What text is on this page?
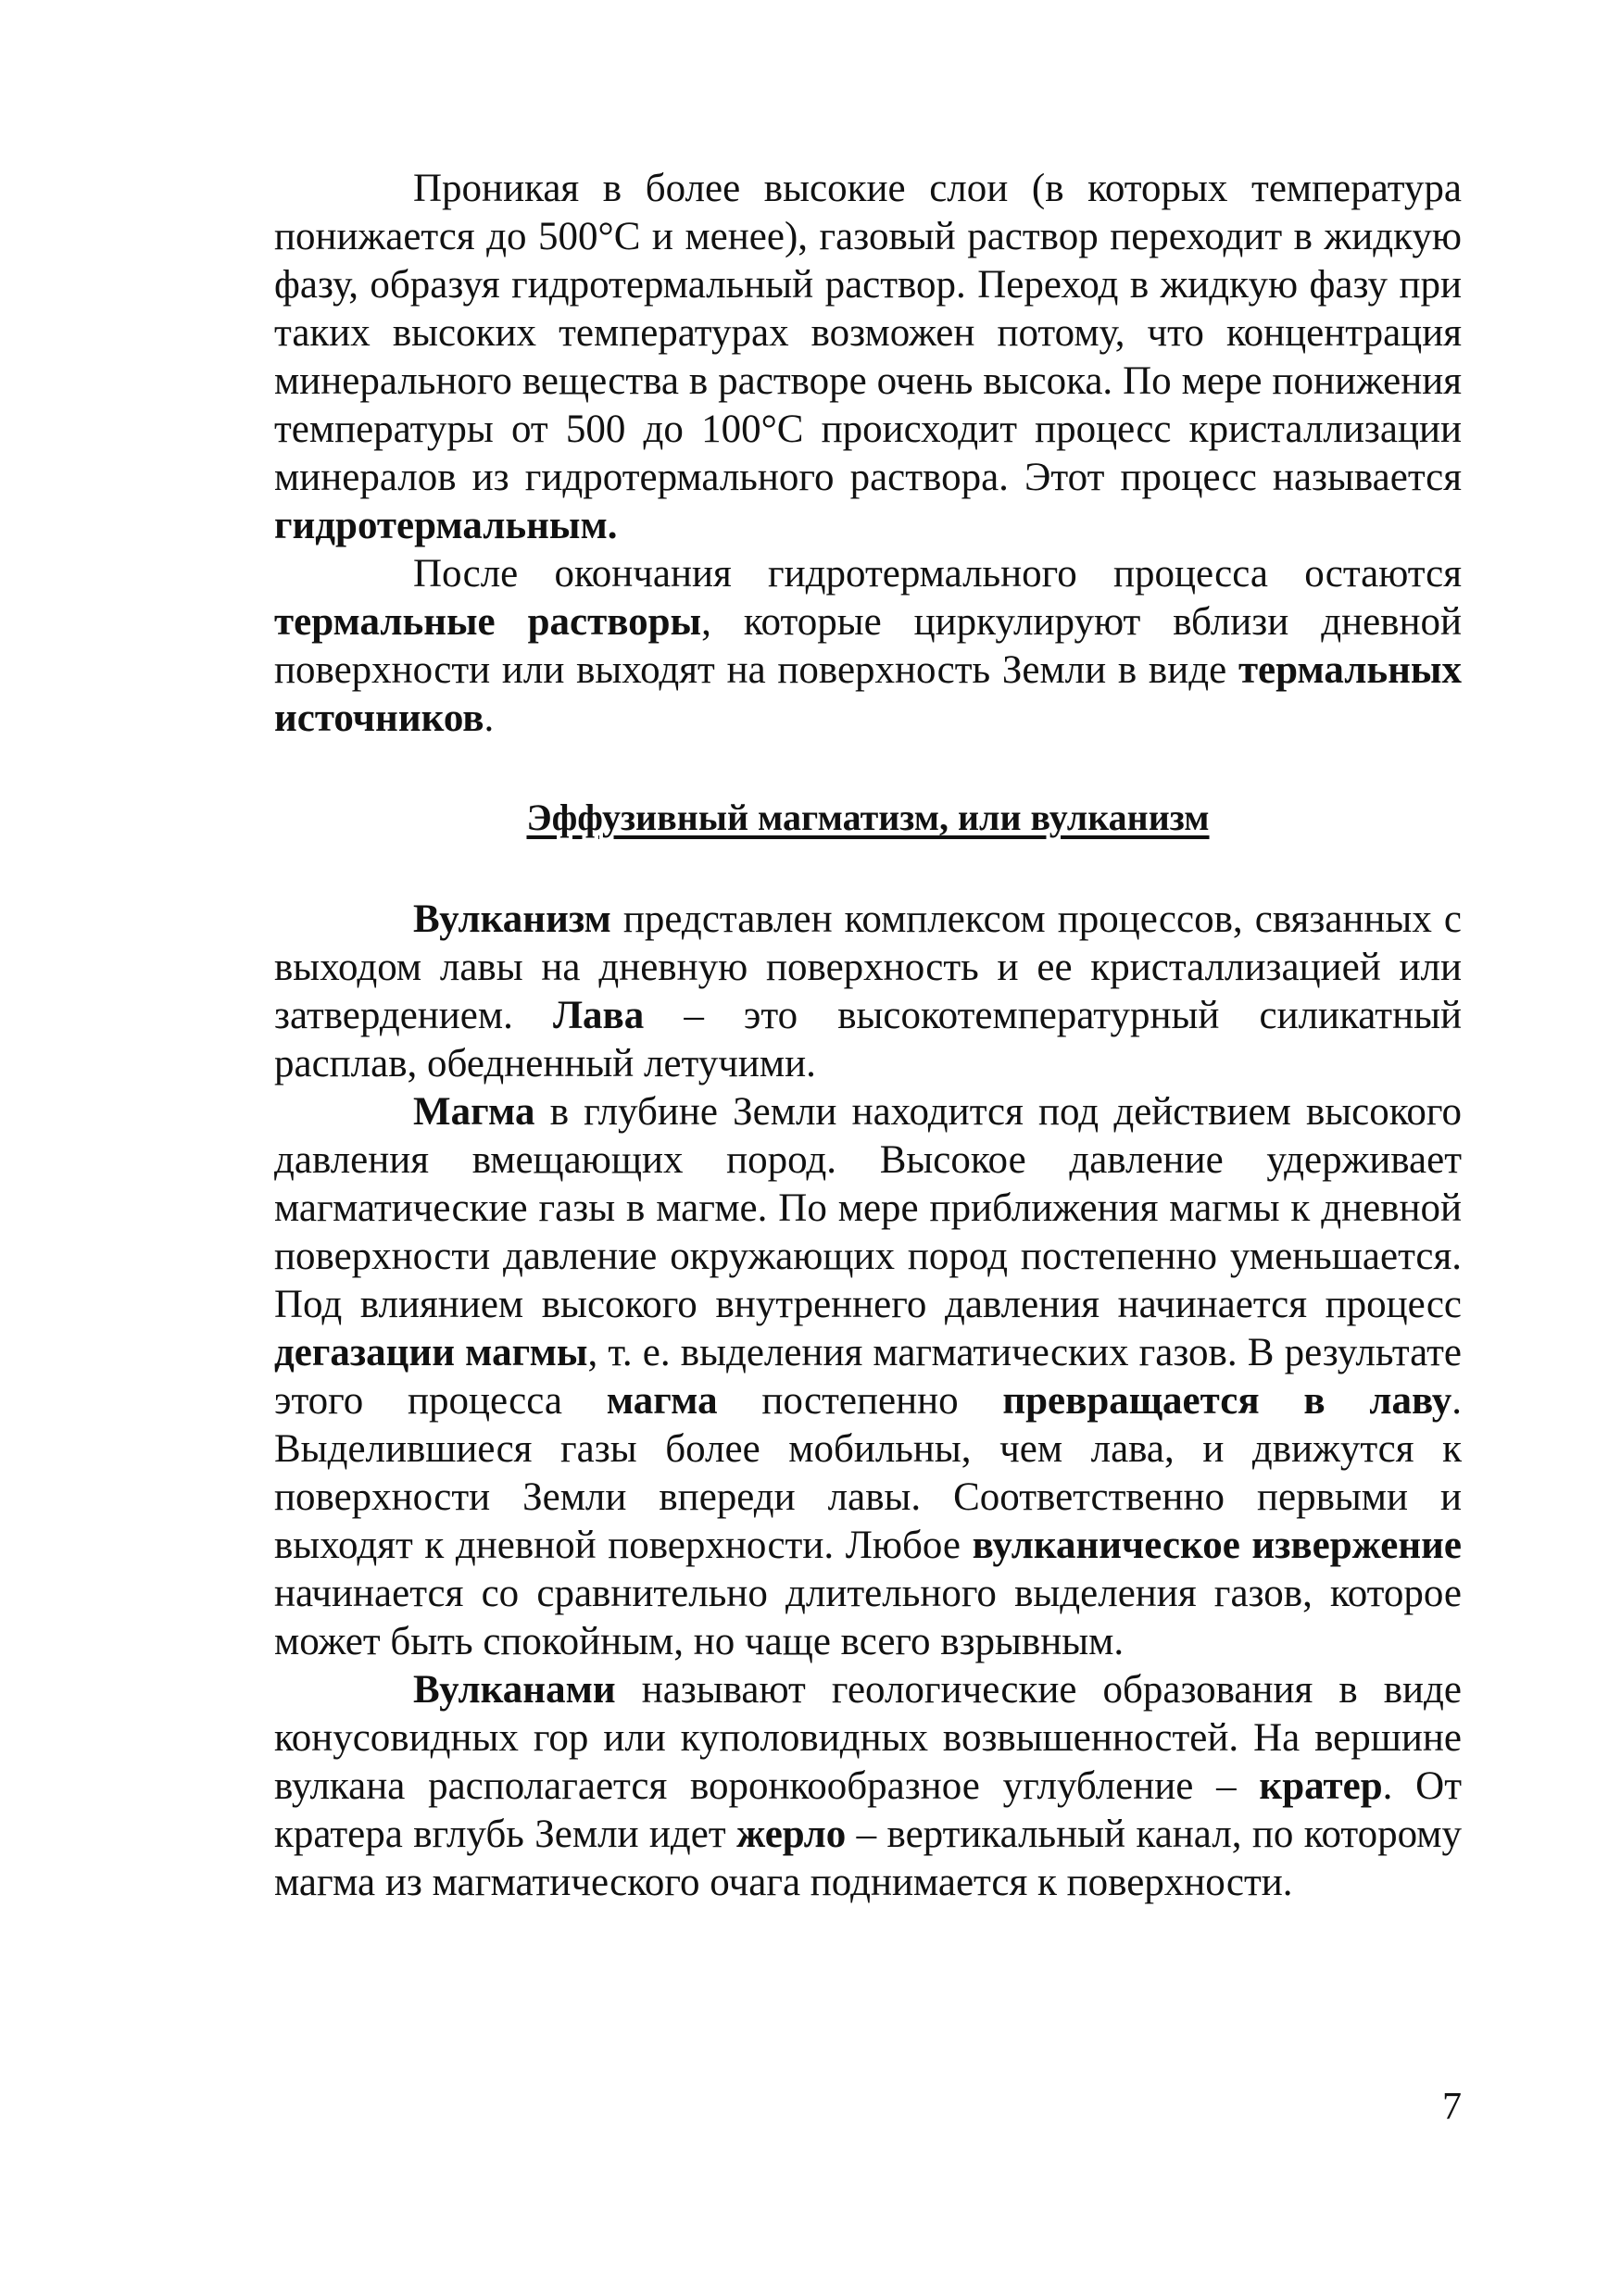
Проникая в более высокие слои (в которых температура понижается до 500°С и менее), газовый раствор переходит в жидкую фазу, образуя гидротермальный раствор. Переход в жидкую фазу при таких высоких температурах возможен потому, что концентрация минерального вещества в растворе очень высока. По мере понижения температуры от 500 до 100°С происходит процесс кристаллизации минералов из гидротермального раствора. Этот процесс называется гидротермальным.

После окончания гидротермального процесса остаются термальные растворы, которые циркулируют вблизи дневной поверхности или выходят на поверхность Земли в виде термальных источников.

Эффузивный магматизм, или вулканизм

Вулканизм представлен комплексом процессов, связанных с выходом лавы на дневную поверхность и ее кристаллизацией или затвердением. Лава – это высокотемпературный силикатный расплав, обедненный летучими.

Магма в глубине Земли находится под действием высокого давления вмещающих пород. Высокое давление удерживает магматические газы в магме. По мере приближения магмы к дневной поверхности давление окружающих пород постепенно уменьшается. Под влиянием высокого внутреннего давления начинается процесс дегазации магмы, т. е. выделения магматических газов. В результате этого процесса магма постепенно превращается в лаву. Выделившиеся газы более мобильны, чем лава, и движутся к поверхности Земли впереди лавы. Соответственно первыми и выходят к дневной поверхности. Любое вулканическое извержение начинается со сравнительно длительного выделения газов, которое может быть спокойным, но чаще всего взрывным.

Вулканами называют геологические образования в виде конусовидных гор или куполовидных возвышенностей. На вершине вулкана располагается воронкообразное углубление – кратер. От кратера вглубь Земли идет жерло – вертикальный канал, по которому магма из магматического очага поднимается к поверхности.

7
